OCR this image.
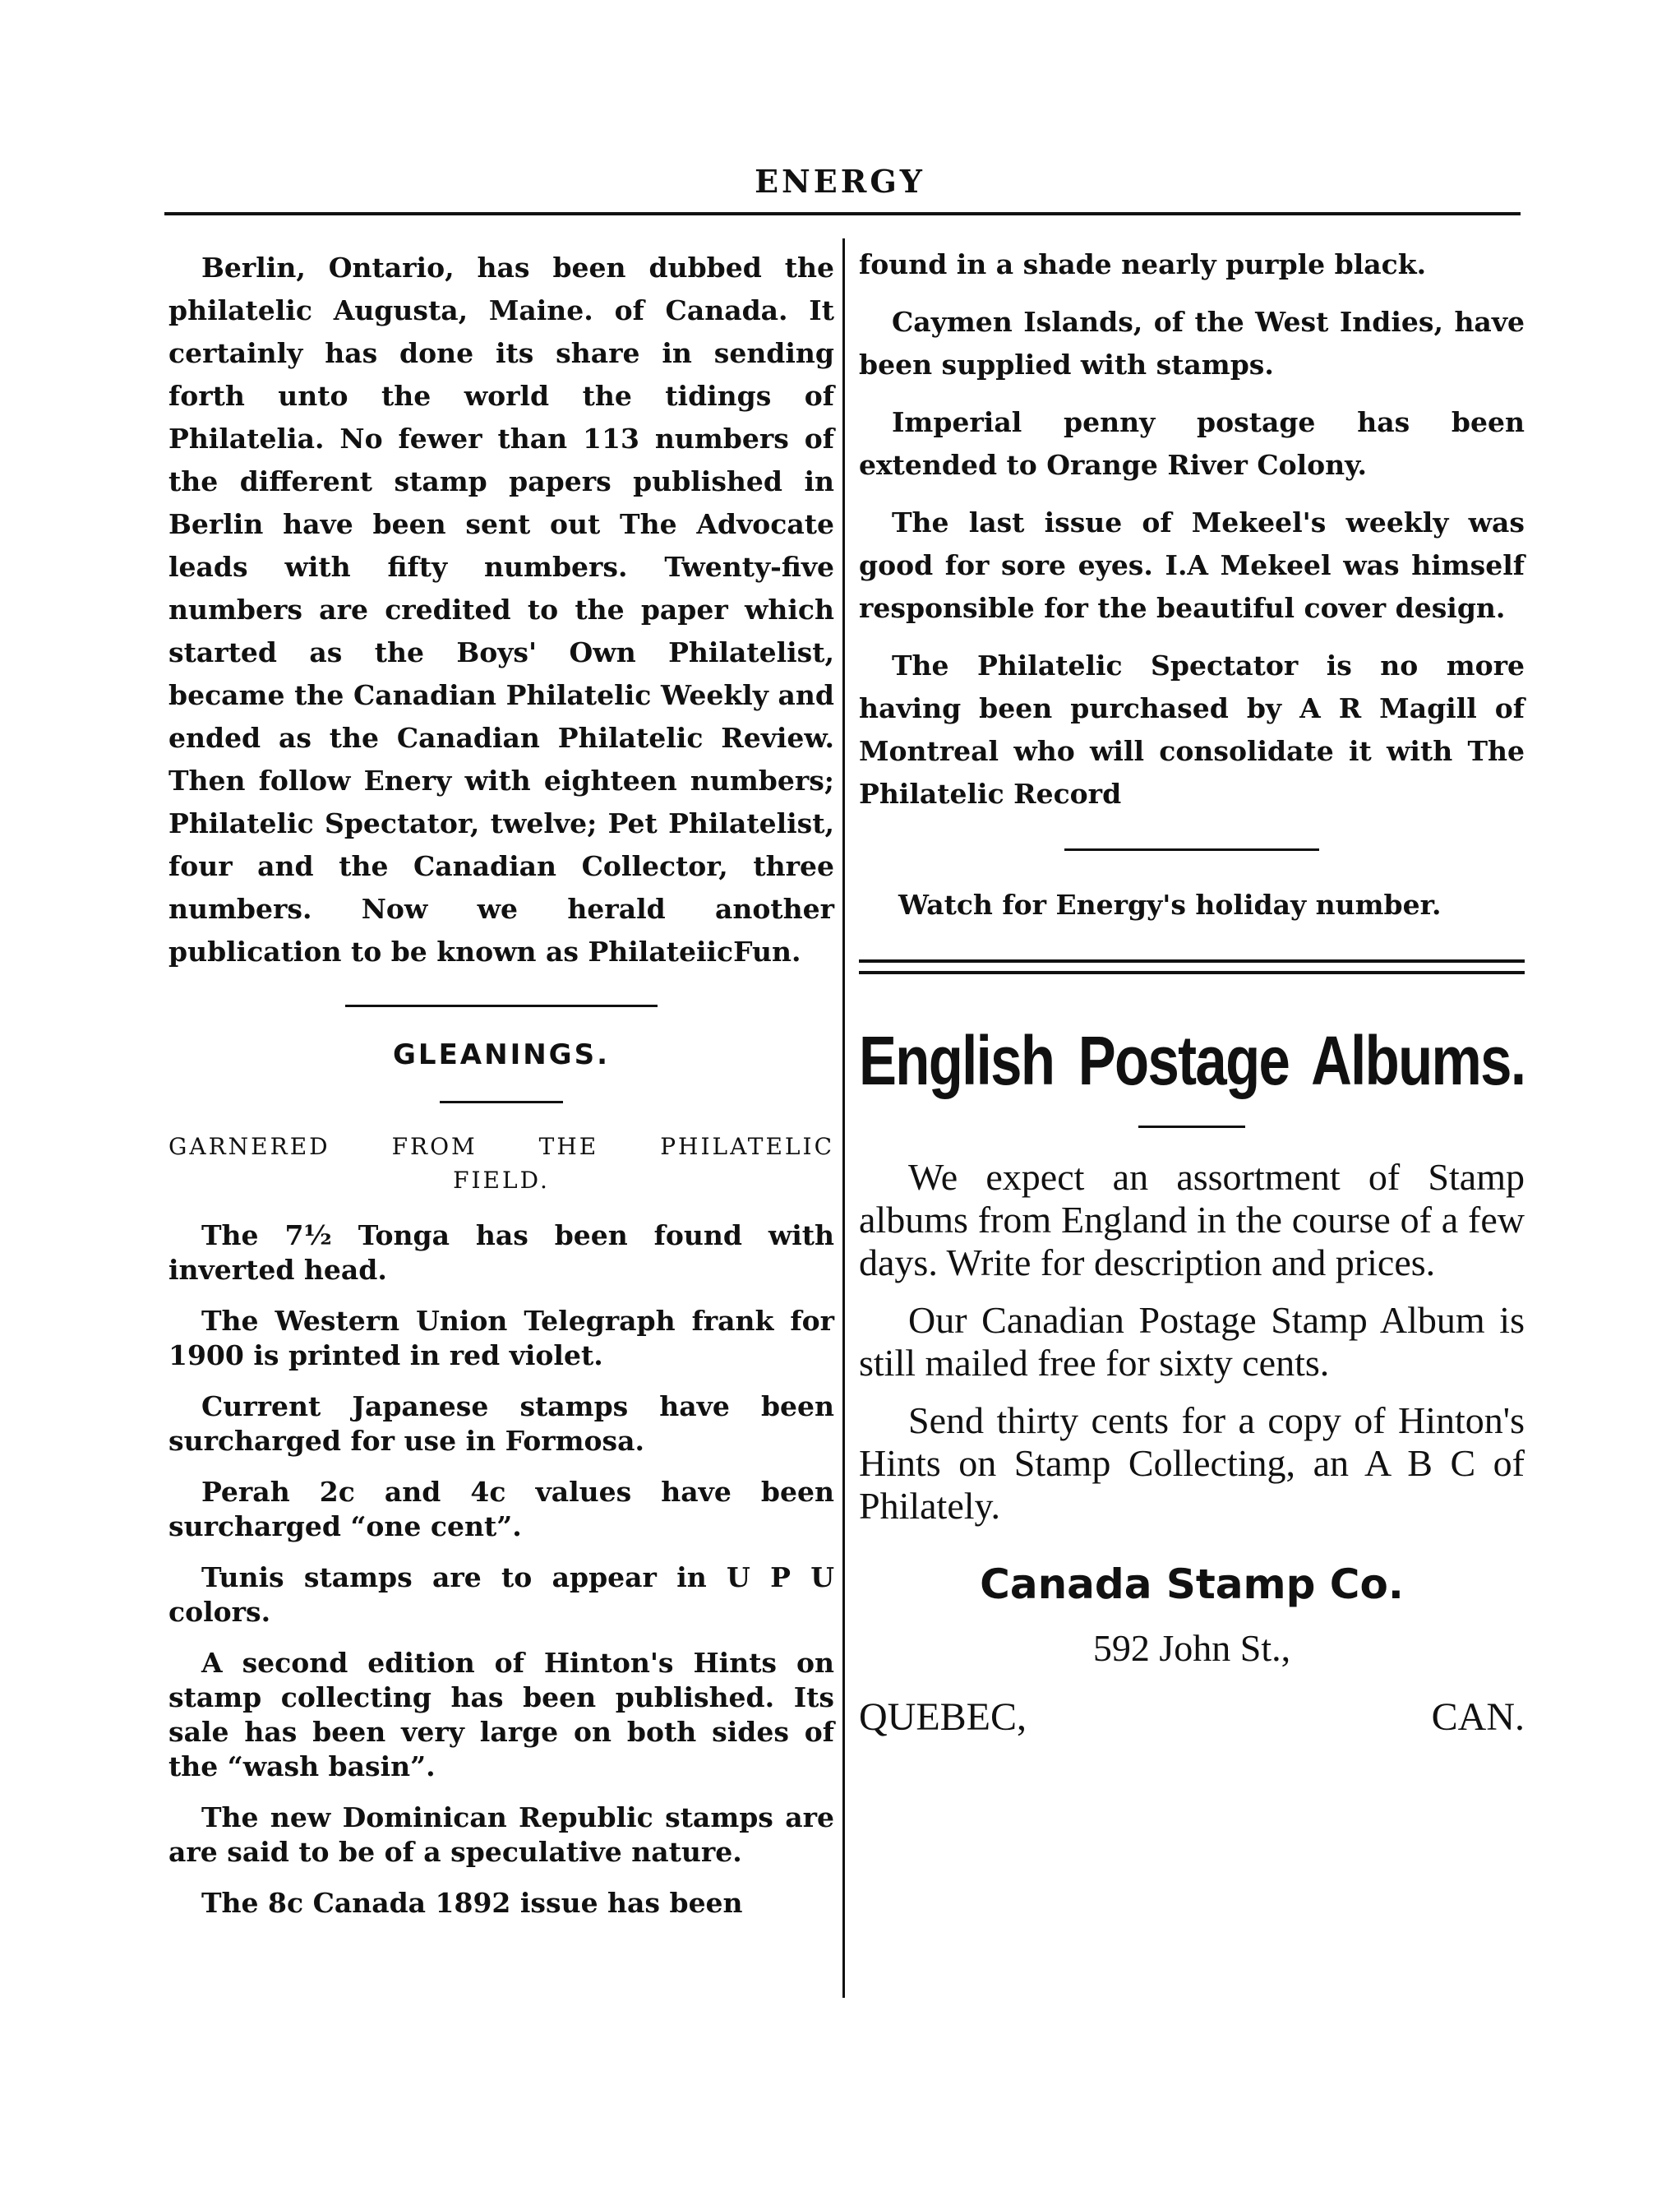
ENERGY

Berlin, Ontario, has been dubbed the philatelic Augusta, Maine. of Canada. It certainly has done its share in sending forth unto the world the tidings of Philatelia. No fewer than 113 numbers of the different stamp papers published in Berlin have been sent out The Advocate leads with fifty numbers. Twenty-five numbers are credited to the paper which started as the Boys' Own Philatelist, became the Canadian Philatelic Weekly and ended as the Canadian Philatelic Review. Then follow Enery with eighteen numbers; Philatelic Spectator, twelve; Pet Philatelist, four and the Canadian Collector, three numbers. Now we herald another publication to be known as PhilateiicFun.

GLEANINGS.

GARNERED FROM THE PHILATELIC

FIELD.

The 7½ Tonga has been found with inverted head.

The Western Union Telegraph frank for 1900 is printed in red violet.

Current Japanese stamps have been surcharged for use in Formosa.

Perah 2c and 4c values have been surcharged “one cent”.

Tunis stamps are to appear in U P U colors.

A second edition of Hinton's Hints on stamp collecting has been published. Its sale has been very large on both sides of the “wash basin”.

The new Dominican Republic stamps are are said to be of a speculative nature.

The 8c Canada 1892 issue has been

found in a shade nearly purple black.

Caymen Islands, of the West Indies, have been supplied with stamps.

Imperial penny postage has been extended to Orange River Colony.

The last issue of Mekeel's weekly was good for sore eyes. I.A Mekeel was himself responsible for the beautiful cover design.

The Philatelic Spectator is no more having been purchased by A R Magill of Montreal who will consolidate it with The Philatelic Record

Watch for Energy's holiday number.

English Postage Albums.

We expect an assortment of Stamp albums from England in the course of a few days. Write for description and prices.

Our Canadian Postage Stamp Album is still mailed free for sixty cents.

Send thirty cents for a copy of Hinton's Hints on Stamp Collecting, an A B C of Philately.

Canada Stamp Co.
592 John St.,
QUEBEC,	CAN.
